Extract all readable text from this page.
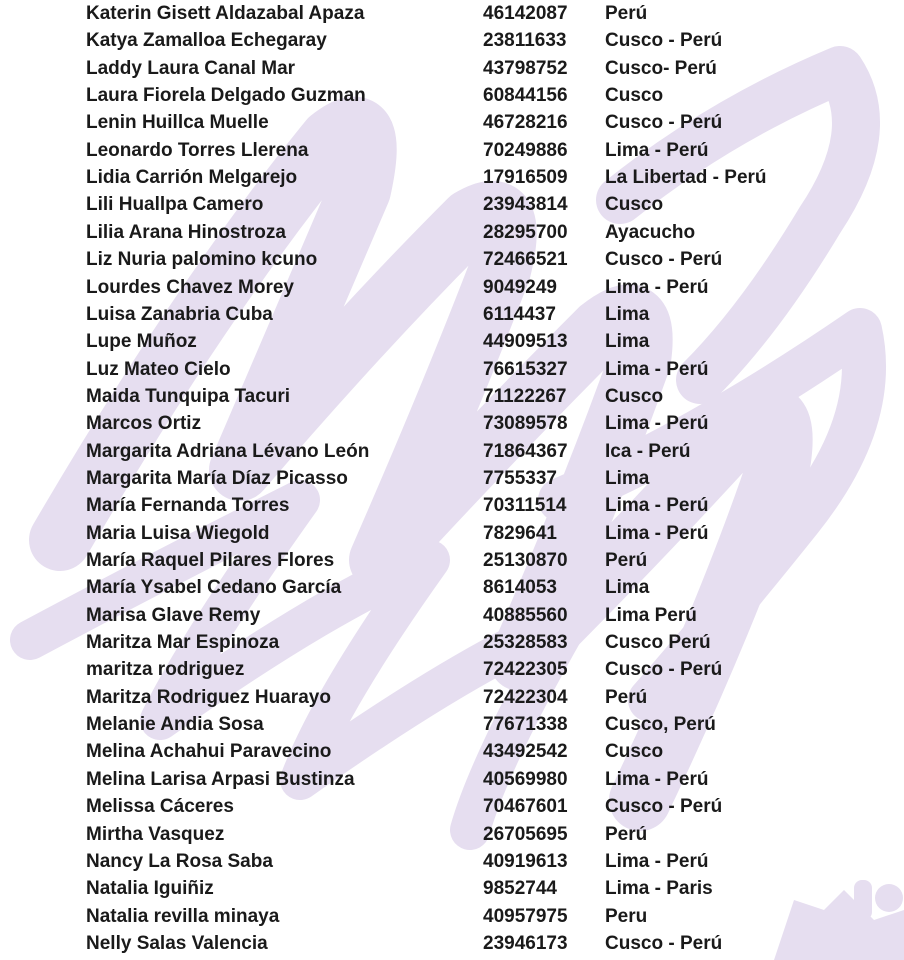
Katerin Gisett Aldazabal Apaza	46142087 Perú
Katya Zamalloa Echegaray	23811633 Cusco - Perú
Laddy Laura Canal Mar	43798752 Cusco- Perú
Laura Fiorela Delgado Guzman	60844156 Cusco
Lenin Huillca Muelle	46728216 Cusco - Perú
Leonardo Torres Llerena	70249886 Lima - Perú
Lidia Carrión Melgarejo	17916509 La Libertad - Perú
Lili Huallpa Camero	23943814 Cusco
Lilia Arana Hinostroza	28295700 Ayacucho
Liz Nuria palomino kcuno	72466521 Cusco - Perú
Lourdes Chavez Morey	9049249	Lima - Perú
Luisa Zanabria Cuba	6114437	Lima
Lupe Muñoz	44909513 Lima
Luz Mateo Cielo	76615327 Lima - Perú
Maida Tunquipa Tacuri	71122267 Cusco
Marcos Ortiz	73089578 Lima - Perú
Margarita Adriana Lévano León	71864367 Ica - Perú
Margarita María Díaz Picasso	7755337	Lima
María Fernanda Torres	70311514 Lima - Perú
Maria Luisa Wiegold	7829641	Lima - Perú
María Raquel Pilares Flores	25130870 Perú
María Ysabel Cedano García	8614053	Lima
Marisa Glave Remy	40885560 Lima Perú
Maritza Mar Espinoza	25328583 Cusco Perú
maritza rodriguez	72422305 Cusco - Perú
Maritza Rodriguez Huarayo	72422304 Perú
Melanie Andia Sosa	77671338 Cusco, Perú
Melina Achahui Paravecino	43492542 Cusco
Melina Larisa Arpasi Bustinza	40569980 Lima - Perú
Melissa Cáceres	70467601 Cusco - Perú
Mirtha Vasquez	26705695 Perú
Nancy La Rosa Saba	40919613 Lima - Perú
Natalia Iguiñiz	9852744	Lima - Paris
Natalia revilla minaya	40957975 Peru
Nelly Salas Valencia	23946173 Cusco - Perú
